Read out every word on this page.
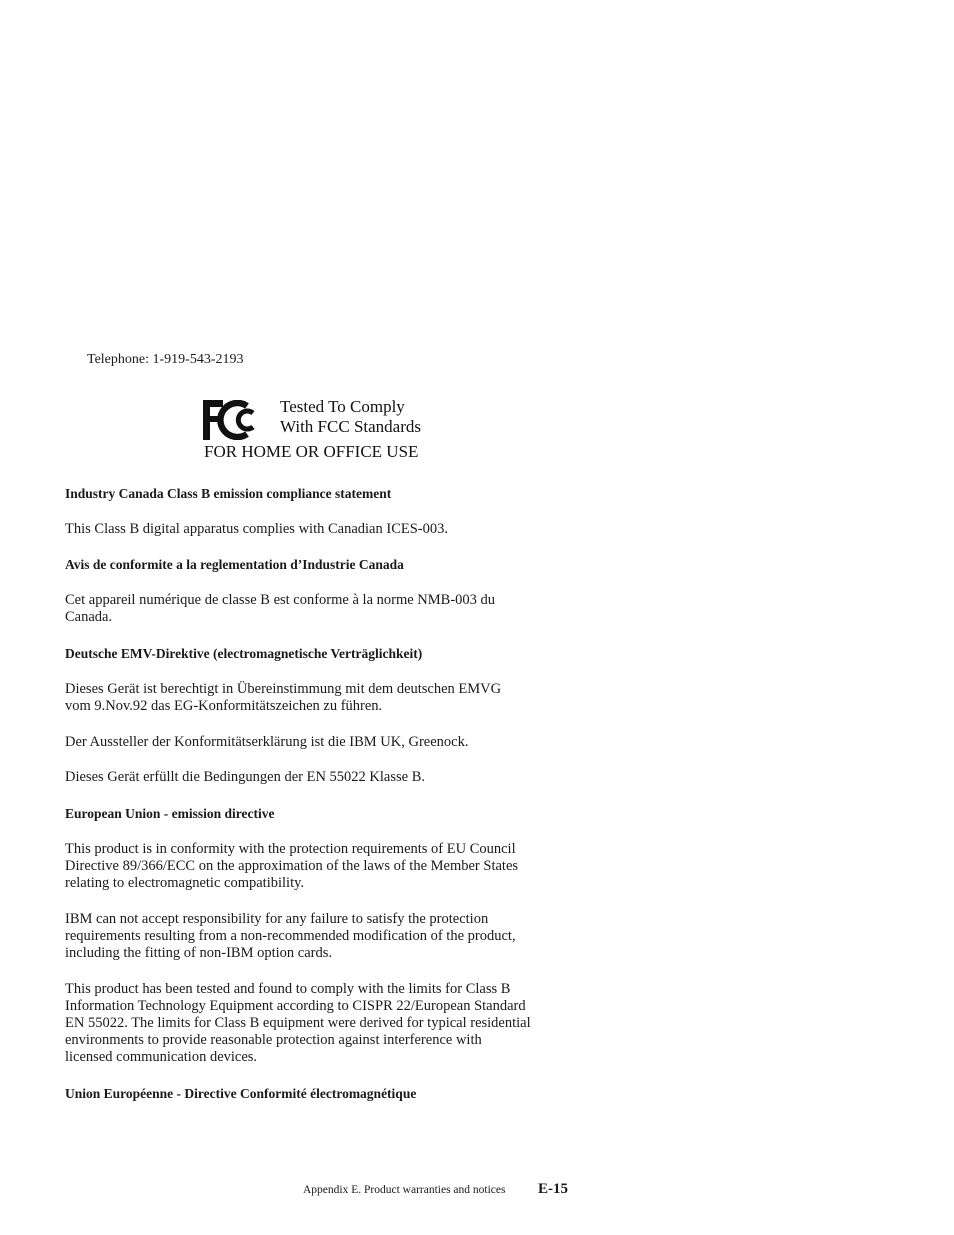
Telephone: 1-919-543-2193
Tested To Comply
With FCC Standards
FOR HOME OR OFFICE USE
Industry Canada Class B emission compliance statement
This Class B digital apparatus complies with Canadian ICES-003.
Avis de conformite a la reglementation d’Industrie Canada
Cet appareil numérique de classe B est conforme à la norme NMB-003 du
Canada.
Deutsche EMV-Direktive (electromagnetische Verträglichkeit)
Dieses Gerät ist berechtigt in Übereinstimmung mit dem deutschen EMVG
vom 9.Nov.92 das EG-Konformitätszeichen zu führen.
Der Aussteller der Konformitätserklärung ist die IBM UK, Greenock.
Dieses Gerät erfüllt die Bedingungen der EN 55022 Klasse B.
European Union - emission directive
This product is in conformity with the protection requirements of EU Council
Directive 89/366/ECC on the approximation of the laws of the Member States
relating to electromagnetic compatibility.
IBM can not accept responsibility for any failure to satisfy the protection
requirements resulting from a non-recommended modification of the product,
including the fitting of non-IBM option cards.
This product has been tested and found to comply with the limits for Class B
Information Technology Equipment according to CISPR 22/European Standard
EN 55022. The limits for Class B equipment were derived for typical residential
environments to provide reasonable protection against interference with
licensed communication devices.
Union Européenne - Directive Conformité électromagnétique
Appendix E. Product warranties and notices E-15
